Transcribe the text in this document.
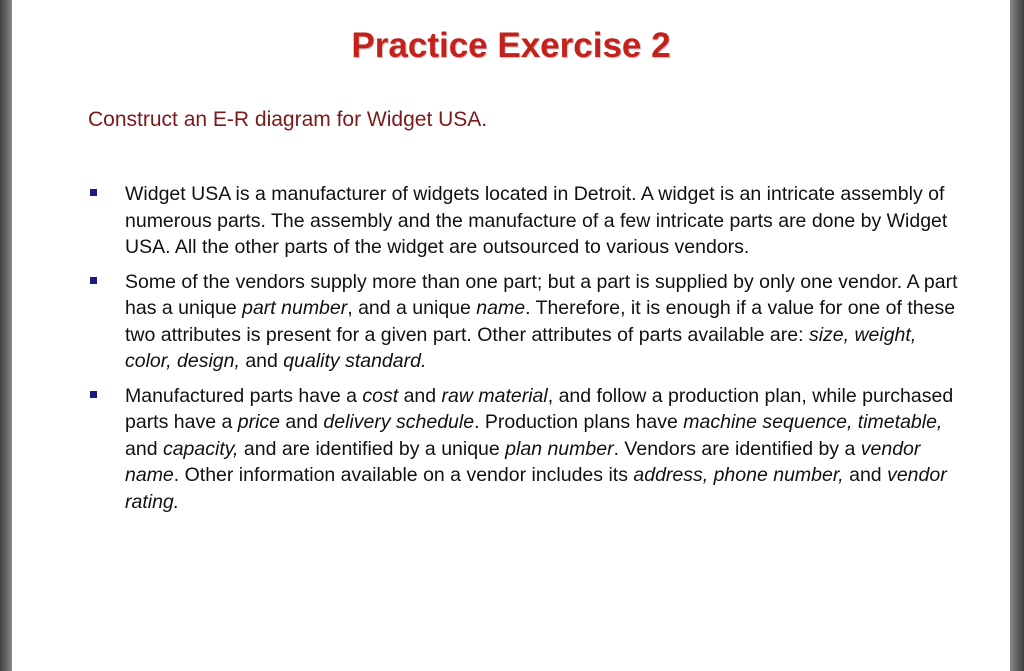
Practice Exercise 2

Construct an E-R diagram for Widget USA.

Widget USA is a manufacturer of widgets located in Detroit. A widget is an intricate assembly of numerous parts. The assembly and the manufacture of a few intricate parts are done by Widget USA. All the other parts of the widget are outsourced to various vendors.
Some of the vendors supply more than one part; but a part is supplied by only one vendor. A part has a unique part number, and a unique name. Therefore, it is enough if a value for one of these two attributes is present for a given part. Other attributes of parts available are: size, weight, color, design, and quality standard.
Manufactured parts have a cost and raw material, and follow a production plan, while purchased parts have a price and delivery schedule. Production plans have machine sequence, timetable, and capacity, and are identified by a unique plan number. Vendors are identified by a vendor name. Other information available on a vendor includes its address, phone number, and vendor rating.
